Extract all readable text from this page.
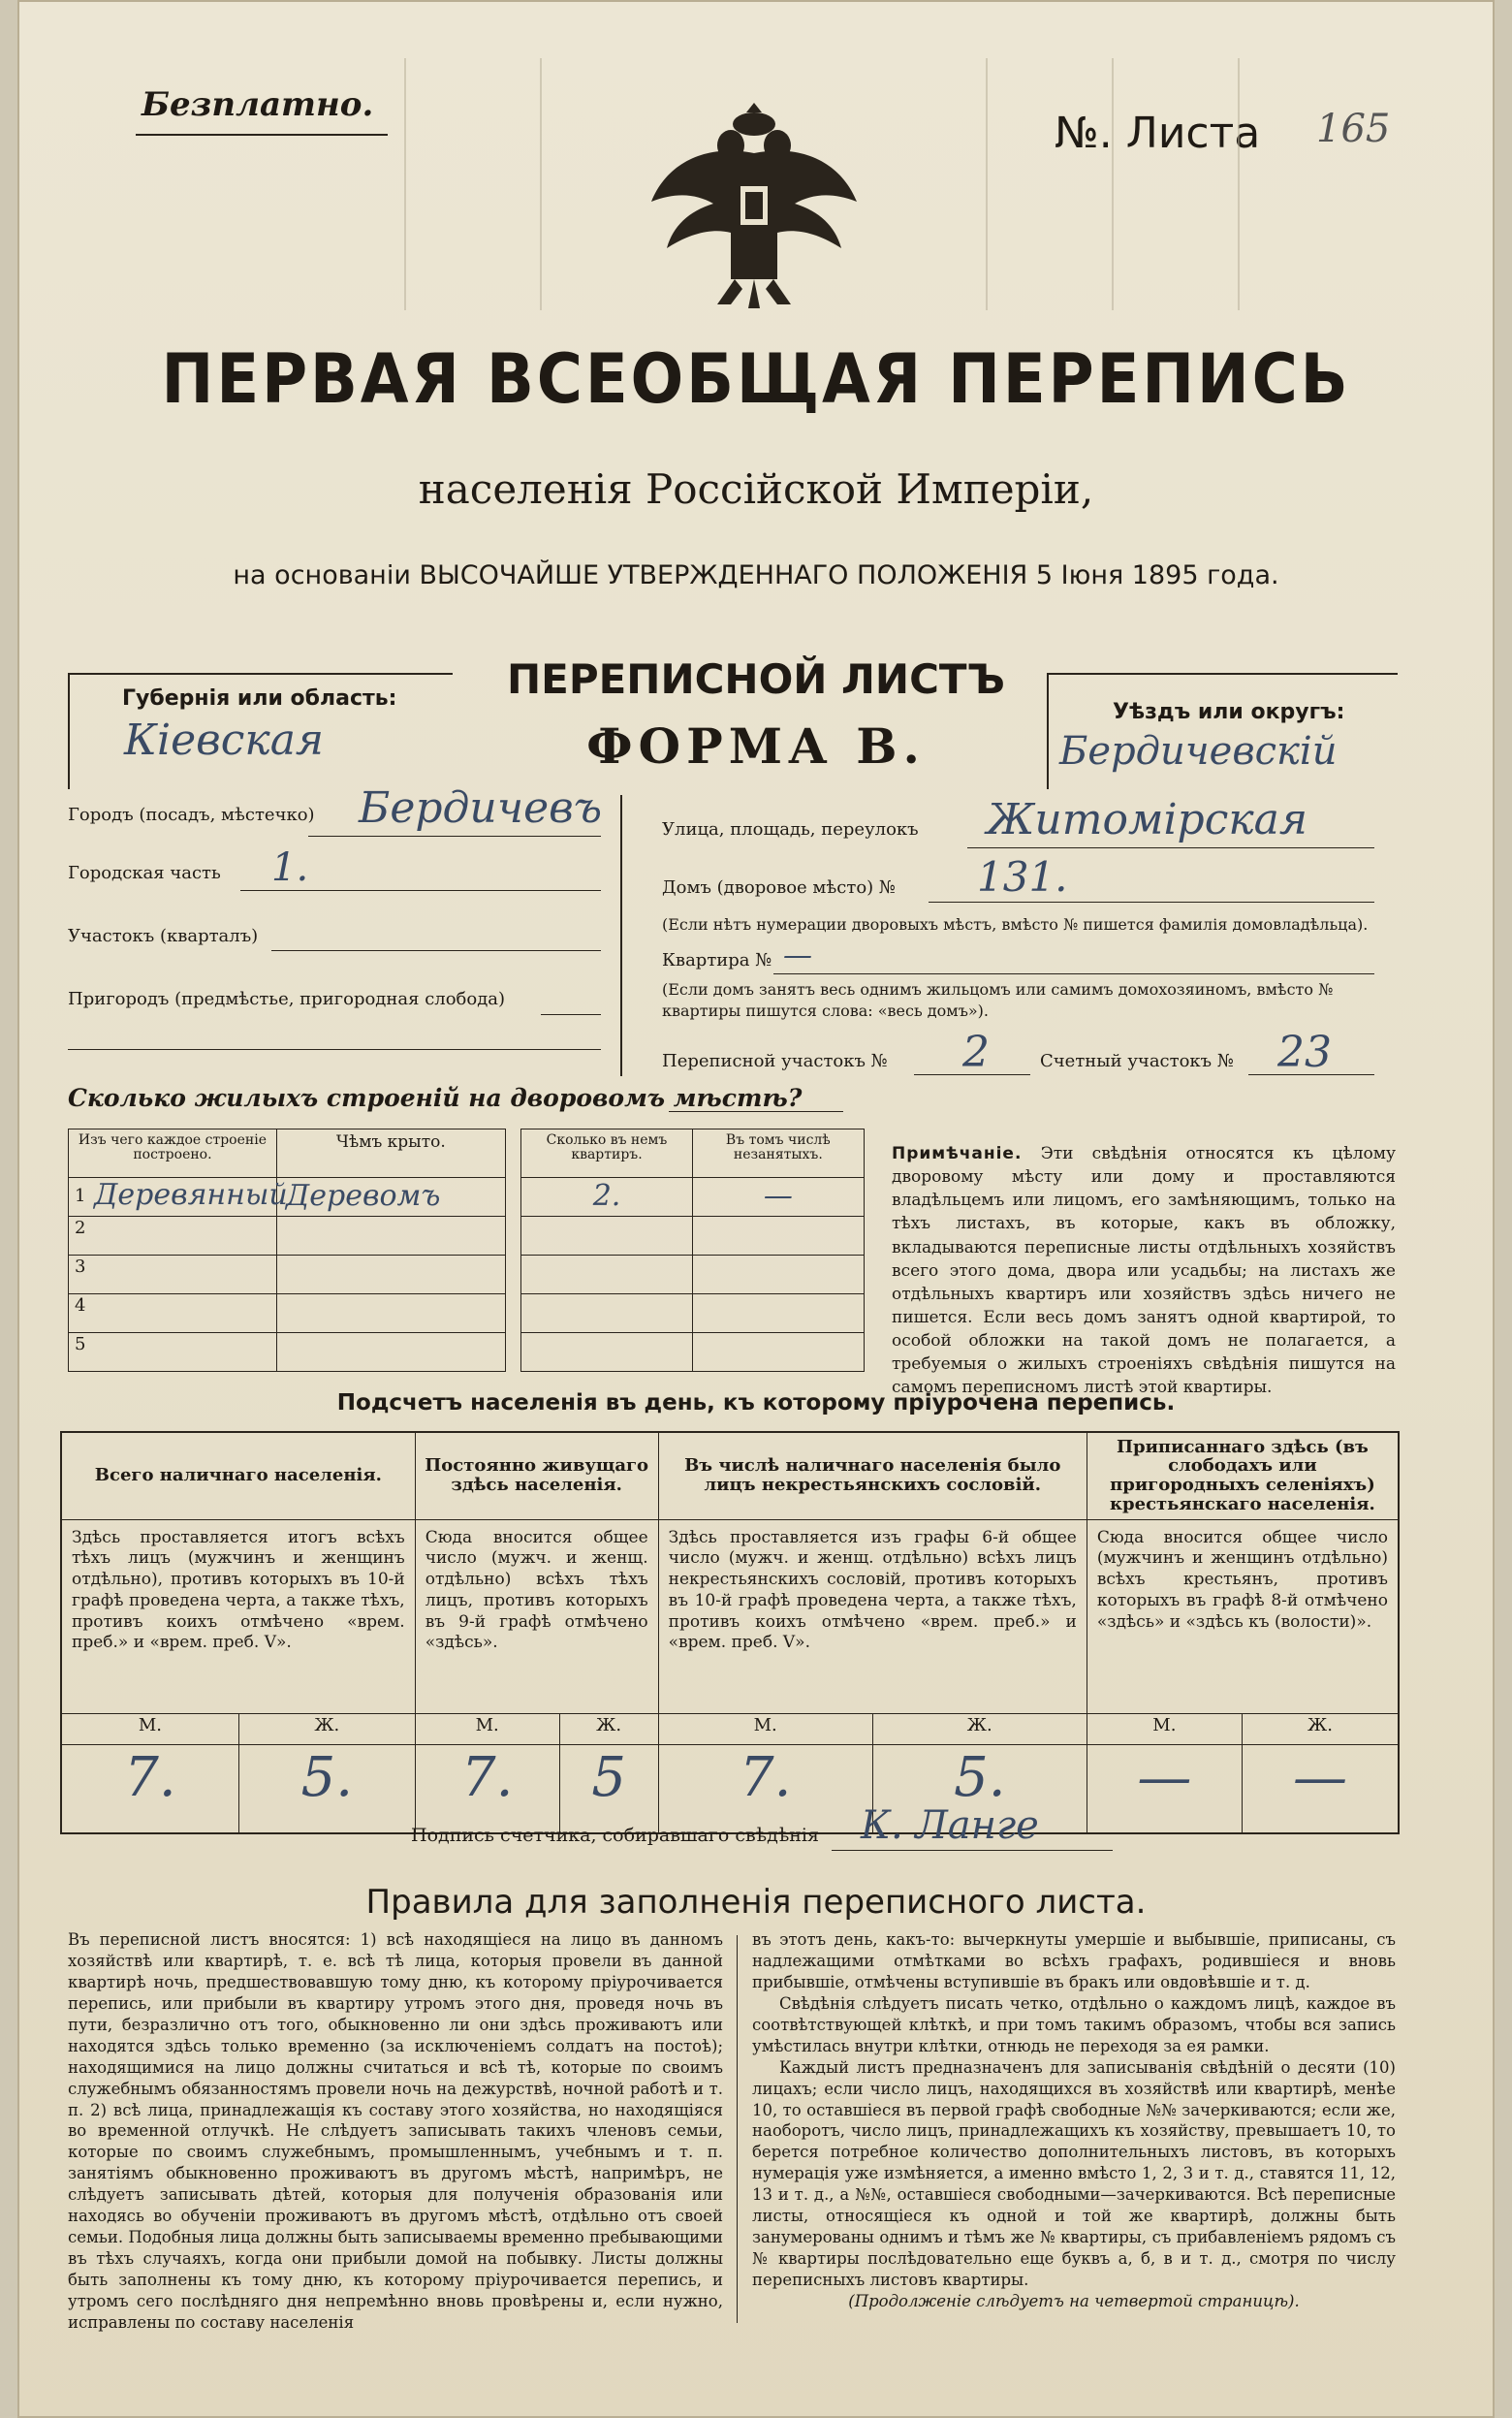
Безплатно.
№. Листа 165
ПЕРВАЯ ВСЕОБЩАЯ ПЕРЕПИСЬ
населенія Россійской Имперіи,
на основаніи ВЫСОЧАЙШЕ УТВЕРЖДЕННАГО ПОЛОЖЕНІЯ 5 Іюня 1895 года.
Губернія или область:
Кіевская
ПЕРЕПИСНОЙ ЛИСТЪ
ФОРМА В.
Уѣздъ или округъ:
Бердичевскій
Городъ (посадъ, мѣстечко) Бердичевъ
Городская часть 1.
Участокъ (кварталъ)
Пригородъ (предмѣстье, пригородная слобода)
Улица, площадь, переулокъ Житомірская
Домъ (дворовое мѣсто) № 131.
(Если нѣтъ нумерации дворовыхъ мѣстъ, вмѣсто № пишется фамилія домовладѣльца).
Квартира № —
(Если домъ занятъ весь однимъ жильцомъ или самимъ домохозяиномъ, вмѣсто № квартиры пишутся слова: «весь домъ»).
Переписной участокъ № 2	Счетный участокъ № 23
Сколько жилыхъ строеній на дворовомъ мѣстѣ?
Изъ чего каждое строеніе построено.	Чѣмъ крыто.		Сколько въ немъ квартиръ.	Въ томъ числѣ незанятыхъ.

1 Деревянный	Деревомъ		2.	—
2				
3				
4				
5				
Примѣчаніе. Эти свѣдѣнія относятся къ цѣлому дворовому мѣсту или дому и проставляются владѣльцемъ или лицомъ, его замѣняющимъ, только на тѣхъ листахъ, въ которые, какъ въ обложку, вкладываются переписные листы отдѣльныхъ хозяйствъ всего этого дома, двора или усадьбы; на листахъ же отдѣльныхъ квартиръ или хозяйствъ здѣсь ничего не пишется. Если весь домъ занятъ одной квартирой, то особой обложки на такой домъ не полагается, а требуемыя о жилыхъ строеніяхъ свѣдѣнія пишутся на самомъ переписномъ листѣ этой квартиры.
Подсчетъ населенія въ день, къ которому пріурочена перепись.
Всего наличнаго населенія.		Постоянно живущаго здѣсь населенія.		Въ числѣ наличнаго населенія было лицъ некрестьянскихъ сословій.		Приписаннаго здѣсь (въ слободахъ или пригородныхъ селеніяхъ) крестьянскаго населенія.	
Здѣсь проставляется итогъ всѣхъ тѣхъ лицъ (мужчинъ и женщинъ отдѣльно), противъ которыхъ въ 10-й графѣ проведена черта, а также тѣхъ, противъ коихъ отмѣчено «врем. преб.» и «врем. преб. V».		Сюда вносится общее число (мужч. и женщ. отдѣльно) всѣхъ тѣхъ лицъ, противъ которыхъ въ 9-й графѣ отмѣчено «здѣсь».		Здѣсь проставляется изъ графы 6-й общее число (мужч. и женщ. отдѣльно) всѣхъ лицъ некрестьянскихъ сословій, противъ которыхъ въ 10-й графѣ проведена черта, а также тѣхъ, противъ коихъ отмѣчено «врем. преб.» и «врем. преб. V».		Сюда вносится общее число (мужчинъ и женщинъ отдѣльно) всѣхъ крестьянъ, противъ которыхъ въ графѣ 8-й отмѣчено «здѣсь» и «здѣсь къ (волости)».	
М.	Ж.	М.	Ж.	М.	Ж.	М.	Ж.
7.	5.	7.	5	7.	5.	—	—
Подпись счетчика, собиравшаго свѣдѣнія К. Ланге
Правила для заполненія переписного листа.
Въ переписной листъ вносятся: 1) всѣ находящіеся на лицо въ данномъ хозяйствѣ или квартирѣ, т. е. всѣ тѣ лица, которыя провели въ данной квартирѣ ночь, предшествовавшую тому дню, къ которому пріурочивается перепись, или прибыли въ квартиру утромъ этого дня, проведя ночь въ пути, безразлично отъ того, обыкновенно ли они здѣсь проживаютъ или находятся здѣсь только временно (за исключеніемъ солдатъ на постоѣ); находящимися на лицо должны считаться и всѣ тѣ, которые по своимъ служебнымъ обязанностямъ провели ночь на дежурствѣ, ночной работѣ и т. п. 2) всѣ лица, принадлежащія къ составу этого хозяйства, но находящіяся во временной отлучкѣ. Не слѣдуетъ записывать такихъ членовъ семьи, которые по своимъ служебнымъ, промышленнымъ, учебнымъ и т. п. занятіямъ обыкновенно проживаютъ въ другомъ мѣстѣ, напримѣръ, не слѣдуетъ записывать дѣтей, которыя для полученія образованія или находясь во обученіи проживаютъ въ другомъ мѣстѣ, отдѣльно отъ своей семьи. Подобныя лица должны быть записываемы временно пребывающими въ тѣхъ случаяхъ, когда они прибыли домой на побывку. Листы должны быть заполнены къ тому дню, къ которому пріурочивается перепись, и утромъ сего послѣдняго дня непремѣнно вновь провѣрены и, если нужно, исправлены по составу населенія
въ этотъ день, какъ-то: вычеркнуты умершіе и выбывшіе, приписаны, съ надлежащими отмѣтками во всѣхъ графахъ, родившіеся и вновь прибывшіе, отмѣчены вступившіе въ бракъ или овдовѣвшіе и т. д.
Свѣдѣнія слѣдуетъ писать четко, отдѣльно о каждомъ лицѣ, каждое въ соотвѣтствующей клѣткѣ, и при томъ такимъ образомъ, чтобы вся запись умѣстилась внутри клѣтки, отнюдь не переходя за ея рамки.
Каждый листъ предназначенъ для записыванія свѣдѣній о десяти (10) лицахъ; если число лицъ, находящихся въ хозяйствѣ или квартирѣ, менѣе 10, то оставшіеся въ первой графѣ свободные №№ зачеркиваются; если же, наоборотъ, число лицъ, принадлежащихъ къ хозяйству, превышаетъ 10, то берется потребное количество дополнительныхъ листовъ, въ которыхъ нумерація уже измѣняется, а именно вмѣсто 1, 2, 3 и т. д., ставятся 11, 12, 13 и т. д., а №№, оставшіеся свободными—зачеркиваются. Всѣ переписные листы, относящіеся къ одной и той же квартирѣ, должны быть занумерованы однимъ и тѣмъ же № квартиры, съ прибавленіемъ рядомъ съ № квартиры послѣдовательно еще буквъ а, б, в и т. д., смотря по числу переписныхъ листовъ квартиры.
(Продолженіе слѣдуетъ на четвертой страницѣ).
